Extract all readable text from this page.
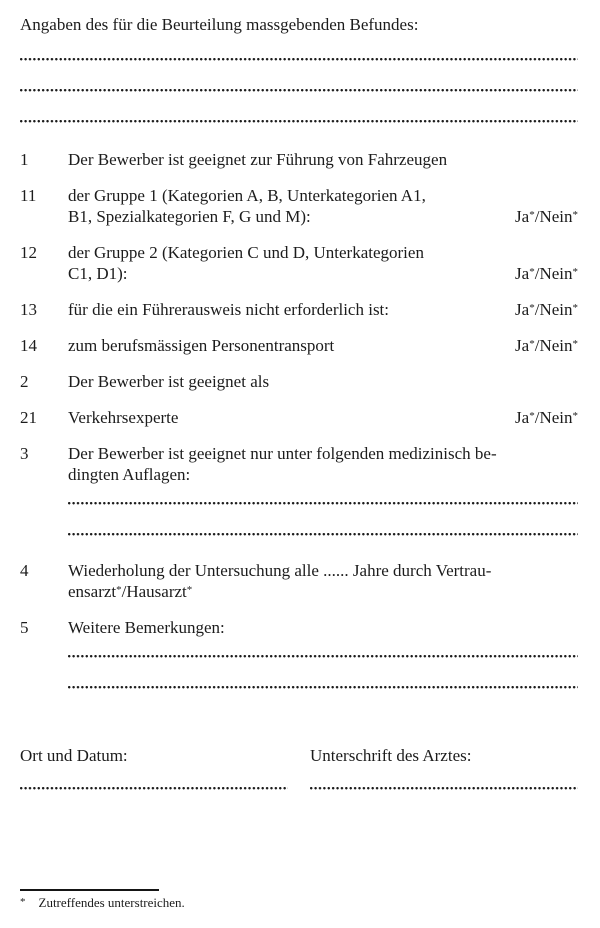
Angaben des für die Beurteilung massgebenden Befundes:
1	Der Bewerber ist geeignet zur Führung von Fahrzeugen
11	der Gruppe 1 (Kategorien A, B, Unterkategorien A1,
B1, Spezialkategorien F, G und M):	Ja*/Nein*
12	der Gruppe 2 (Kategorien C und D, Unterkategorien
C1, D1):	Ja*/Nein*
13	für die ein Führerausweis nicht erforderlich ist:	Ja*/Nein*
14	zum berufsmässigen Personentransport	Ja*/Nein*
2	Der Bewerber ist geeignet als
21	Verkehrsexperte	Ja*/Nein*
3	Der Bewerber ist geeignet nur unter folgenden medizinisch be-
dingten Auflagen:
4	Wiederholung der Untersuchung alle ...... Jahre durch Vertrau-
ensarzt*/Hausarzt*
5	Weitere Bemerkungen:
Ort und Datum:	Unterschrift des Arztes:
* Zutreffendes unterstreichen.
